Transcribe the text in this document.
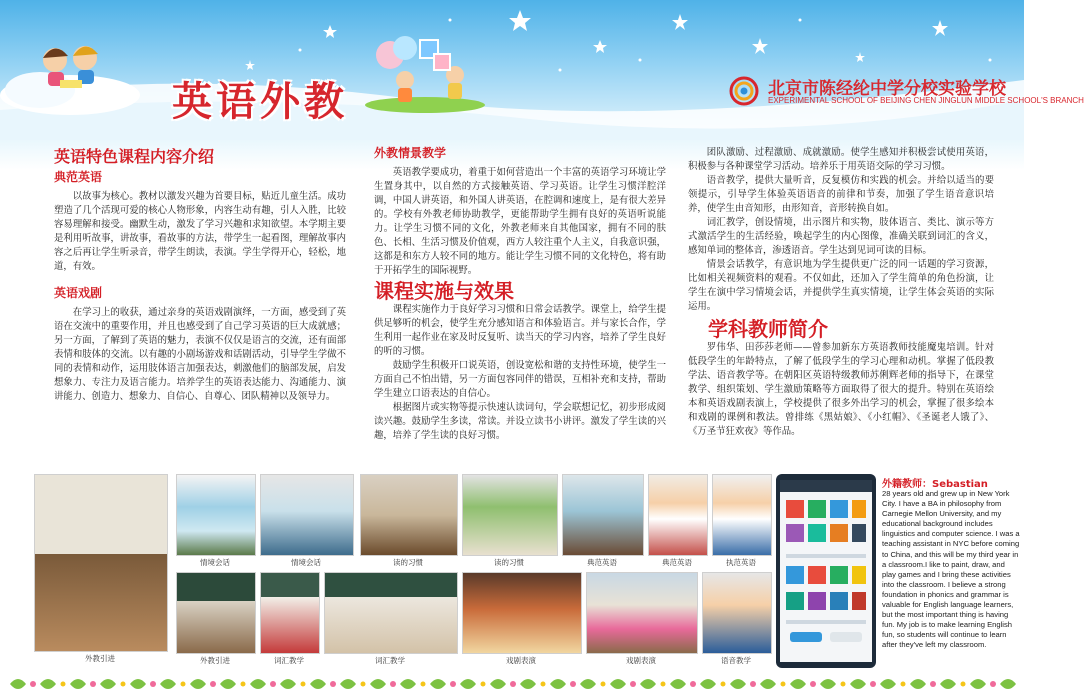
英语外教	北京市陈经纶中学分校实验学校
EXPERIMENTAL SCHOOL OF BEIJING CHEN JINGLUN MIDDLE SCHOOL'S BRANCH
英语特色课程内容介绍
典范英语

以故事为核心。教材以激发兴趣为首要目标，贴近儿童生活。成功塑造了几个活现可爱的核心人物形象，内容生动有趣，引人入胜，比较容易理解和接受。幽默生动，激发了学习兴趣和求知欲望。本学期主要是利用听故事，讲故事，看故事的方法，带学生一起看图，理解故事内容之后再让学生听录音，带学生朗读，表演。学生学得开心，轻松，地道，有效。

英语戏剧

在学习上的收获，通过亲身的英语戏剧演绎，一方面，感受到了英语在交流中的重要作用，并且也感受到了自己学习英语的巨大成就感；另一方面，了解到了英语的魅力，表演不仅仅是语言的交流，还有面部表情和肢体的交流。以有趣的小剧场游戏和话剧活动，引导学生学做不同的表情和动作，运用肢体语言加强表达，刺激他们的脑部发展，启发想象力、专注力及语言能力。培养学生的英语表达能力、沟通能力、演讲能力、创造力、想象力、自信心、自尊心、团队精神以及领导力。

外教情景教学

英语教学要成功，着重于如何营造出一个丰富的英语学习环境让学生置身其中，以自然的方式接触英语、学习英语。让学生习惯洋腔洋调，中国人讲英语，和外国人讲英语，在腔调和速度上，是有很大差异的。学校有外教老师协助教学，更能帮助学生拥有良好的英语听说能力。让学生习惯不同的文化，外教老师来自其他国家，拥有不同的肤色、长相、生活习惯及价值观，西方人较注重个人主义，自我意识强，这都是和东方人较不同的地方。能让学生习惯不同的文化特色，将有助于开拓学生的国际视野。

课程实施与效果

课程实施作力于良好学习习惯和日常会话教学。课堂上，给学生提供足够听的机会，使学生充分感知语言和体验语言。并与家长合作，学生利用一起作业在家及时反复听、读当天的学习内容，培养了学生良好的听的习惯。

鼓励学生积极开口说英语，创设宽松和谐的支持性环境，使学生一方面自己不怕出错，另一方面包容同伴的错误，互相补充和支持，帮助学生建立口语表达的自信心。

根据图片或实物等提示快速认读词句，学会联想记忆，初步形成阅读兴趣。鼓励学生多读，常读。并设立读书小讲评。激发了学生读的兴趣，培养了学生读的良好习惯。

团队激励、过程激励、成就激励。使学生感知并积极尝试使用英语，积极参与各种课堂学习活动。培养乐于用英语交际的学习习惯。

语音教学，提供大量听音，反复模仿和实践的机会。并给以适当的要领提示，引导学生体验英语语音的前律和节奏，加强了学生语音意识培养，使学生由音知形，由形知音，音形转换自如。

词汇教学，创设情境，出示图片和实物，肢体语言、类比、演示等方式激活学生的生活经验，唤起学生的内心图像，准确关联到词汇的含义，感知单词的整体音，渗透语音。学生达到见词可读的目标。

情景会话教学，有意识地为学生提供更广泛的同一话题的学习资源，比如相关视频资料的观看。不仅如此，还加入了学生简单的角色扮演，让学生在演中学习情境会话，并提供学生真实情境，让学生体会英语的实际运用。

学科教师简介

罗伟华、田莎莎老师——曾参加新东方英语教师技能魔鬼培训。针对低段学生的年龄特点，了解了低段学生的学习心理和动机。掌握了低段教学法、语音教学等。在朝阳区英语特级教师苏俐辉老师的指导下，在课堂教学、组织策划、学生激励策略等方面取得了很大的提升。特别在英语绘本和英语戏剧表演上，学校提供了很多外出学习的机会，掌握了很多绘本和戏剧的课例和教法。曾排练《黑姑娘》、《小红帽》、《圣诞老人饿了》、《万圣节狂欢夜》等作品。

外教引进
情境会话	情境会话	读的习惯	读的习惯	典范英语	典范英语	执范英语
外教引进	词汇教学	词汇教学	戏剧表演	戏剧表演	语音教学
外籍教师：Sebastian
28 years old and grew up in New York City. I have a BA in philosophy from Carnegie Mellon University, and my educational background includes linguistics and computer science. I was a teaching assistant in NYC before coming to China, and this will be my third year in a classroom.I like to paint, draw, and play games and I bring these activities into the classroom. I believe a strong foundation in phonics and grammar is valuable for English language learners, but the most important thing is having fun. My job is to make learning English fun, so students will continue to learn after they've left my classroom.
